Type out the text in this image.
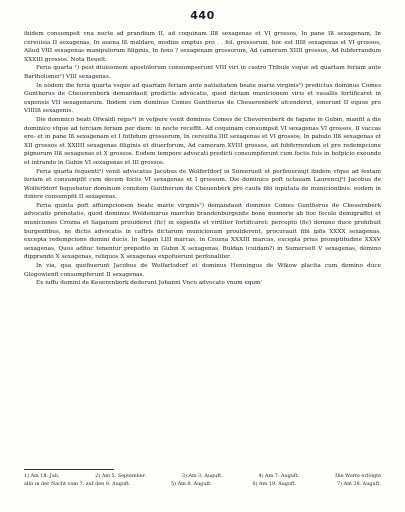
440

ibidem consumpsit vna nocte ad prandium II, ad coquinam IIß sexagenas et VI grossos, In pane Iß sexagenam, In cereuisia II sexagenas, In auena Iß maldare, modius emptus pro . . fol. grossorum, hoc est IIIß sexagenas et VI grossos, Aliud VIII sexagenas manipulorum filiginis, In feno ? sexagenam grossorum, Ad camerarn XIIII grossos, Ad fubferrandum XXXIII grossos. Nota Beuelt.

Feria quarta ¹) post diuisionem apostolorum consumpserunt VIII viri in castro Tribule vsque ad quartam feriam ante Bartholomei²) VIII sexagenas.

In eodem die feria quarta vsque ad quartam feriam ante natiuitatem beate marie virginis³) predictus dominus Comes Guntherus de Cheuerenberk demandauit predictis advocatis, quod dictam municionem viris et vasallis fortificaret in expensis VII sexagenarum. Ibidem cum dominus Comes Guntherus de Cheuerenberk afcenderet, emerunt II equoe pro VIIIIß sexagenis.

Die dominico beati Ofwaldi regis⁴) in vefpere venit dominus Comes de Cheverenberk de fagano in Gubin, manfit a die dominico vfque ad terciam feriam per diem: in nocte receffit. Ad coquinam consumpsit VI sexagenas VI grossos, II vaccas ere- et in pane Iß sexagenam et I fothdum grossorum, In cereuifia IIII sexagenas et VI grossos, In pabulo IIß sexagenas et XII grossos et XXIIII sexagenas filiginis et diuerforum, Ad cameram XVIII grossos, ad fubferrendum et pro redempcione pignorum IIß sexagenas et X grossos. Eodem tempore advocati predicti consumpferunt cum fociis fuis in hofpicio exeundo et intrando in Gubin VI sexagenas et III grossos.

Feria quarta fequenti⁵) venit advocatus Jacobus de Wolferfdorf in Sumeruelt et perfeueraujt ibidem vfque ad fextam feriam et consumpfit cum decem fociis VI sexagenas et I grossum. Die dominico poft octauam Laurencij⁶) Jacobus de Wolferfdorf fequebatur dominum comitem Guntherum de Cheuenberk pro caufa fibi inputata de municionibus: eodem in itinere consumpfit II sexagenas.

Feria quinta poft affumpcionem beate marie virginis⁷) demandauit dominus Comes Guntherus de Cheuernberk advocatis prenotatis, quod dominus Woldemarus marchio brandenburgenfis bone memorie ab hoc feculo demigraffet et municiones Crozna et Saganum prouideret (fic) in expenfis et viriliter fortificaret: percepto (fic) domino duce prohibuit burgenfibus, ne dictis advocatis in caftris dictarum municionum prouiderent, procurauit fibi ipfis XXXX sexagenas, excepta redempcione domini ducis, In Sagan LIII marcas, in Crozna XXXIII marcas, excepta prius promptitudine XXXV sexagenas, Quos adhuc tenentur prepofito in Gubin X sexagenas, Buldan (cuidam?) in Sumeruelt V sexagenas, domino dipprando X sexagenas, reliquos X sexagenas expofuerunt perfonaliter.

In via, qua quefiuerunt Jacobus de Wolfartsdorf et dominus Henningus de Wikow placita cum domino duce Glogowienfi consumpferunt II sexagenas.

Ex iuffu domini de Keuerenberk dederunt Johanni Vnco advocato vnum equm'

1) Am 18. Juli.	2) Am 5. September.	3) Am 3. Auguft.	4) Am 7. Auguft.	Die Worte erfolgte
alfo in der Nacht vom 7. auf den 8. Auguft.	5) Am 8. Auguft.	6) Am 19. Auguft.	7) Am 28. Auguft.
